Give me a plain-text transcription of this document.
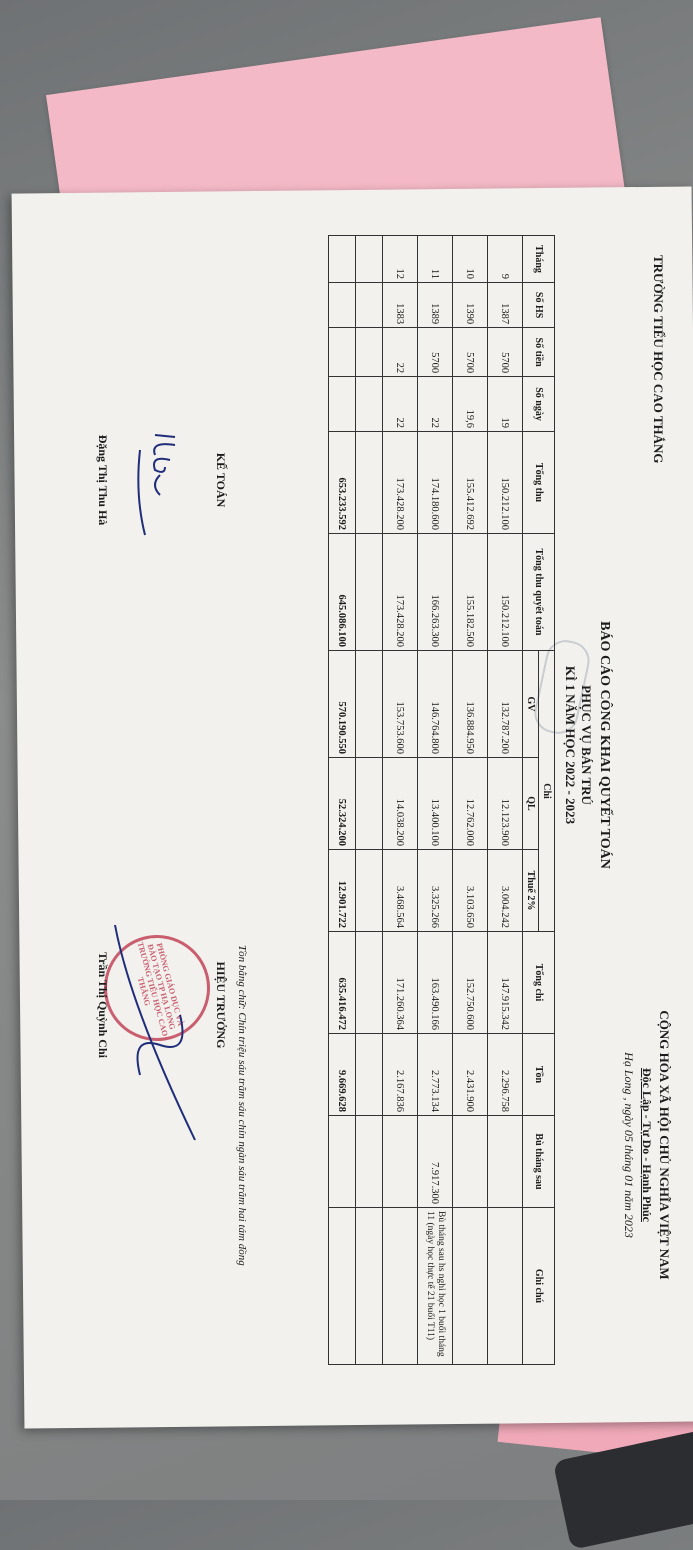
TRƯỜNG TIỂU HỌC CAO THẮNG
CỘNG HÒA XÃ HỘI CHỦ NGHĨA VIỆT NAM
Độc Lập - Tự Do - Hạnh Phúc
Hạ Long , ngày 05 tháng 01 năm 2023
BÁO CÁO CÔNG KHAI QUYẾT TOÁN
PHỤC VỤ BÁN TRÚ
KÌ 1 NĂM HỌC 2022 - 2023
Tháng	Số HS	Số tiền	Số ngày	Tổng thu	Tổng thu quyết toán	Chi			Tổng chi	Tồn	Bù tháng sau	Ghi chú
						GV	QL	Thuế 2%				
9	1387	5700	19	150.212.100	150.212.100	132.787.200	12.123.900	3.004.242	147.915.342	2.296.758		
10	1390	5700	19,6	155.412.692	155.182.500	136.884.950	12.762.000	3.103.650	152.750.600	2.431.900		
11	1389	5700	22	174.180.600	166.263.300	146.764.800	13.400.100	3.325.266	163.490.166	2.773.134	7.917.300	Bù tháng sau hs nghỉ học 1 buổi tháng 11 (ngày học thực tế 21 buổi T11)
12	1383	22	22	173.428.200	173.428.200	153.753.600	14.038.200	3.468.564	171.260.364	2.167.836		

				653.233.592	645.086.100	570.190.550	52.324.200	12.901.722	635.416.472	9.669.628		
Tồn bằng chữ: Chín triệu sáu trăm sáu chín ngàn sáu trăm hai tám đồng
KẾ TOÁN
Đặng Thị Thu Hà
HIỆU TRƯỞNG
PHÒNG GIÁO DỤC VÀ ĐÀO TẠO TP HẠ LONG TRƯỜNG TIỂU HỌC CAO THẮNG
Trần Thị Quỳnh Chi
